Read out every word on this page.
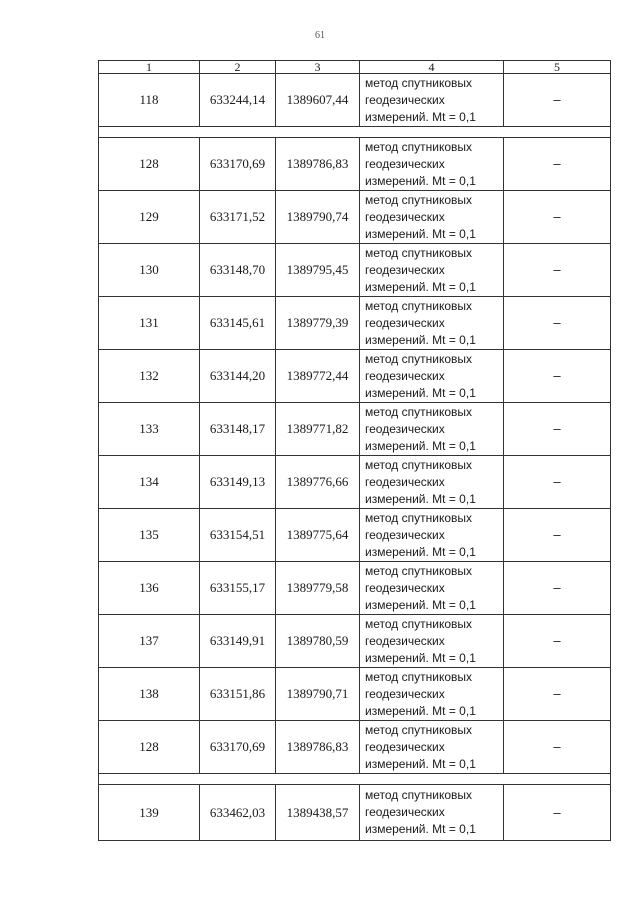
61
1	2	3	4	5
118	633244,14	1389607,44	метод спутниковых
геодезических
измерений. Mt = 0,1	–

128	633170,69	1389786,83	метод спутниковых
геодезических
измерений. Mt = 0,1	–
129	633171,52	1389790,74	метод спутниковых
геодезических
измерений. Mt = 0,1	–
130	633148,70	1389795,45	метод спутниковых
геодезических
измерений. Mt = 0,1	–
131	633145,61	1389779,39	метод спутниковых
геодезических
измерений. Mt = 0,1	–
132	633144,20	1389772,44	метод спутниковых
геодезических
измерений. Mt = 0,1	–
133	633148,17	1389771,82	метод спутниковых
геодезических
измерений. Mt = 0,1	–
134	633149,13	1389776,66	метод спутниковых
геодезических
измерений. Mt = 0,1	–
135	633154,51	1389775,64	метод спутниковых
геодезических
измерений. Mt = 0,1	–
136	633155,17	1389779,58	метод спутниковых
геодезических
измерений. Mt = 0,1	–
137	633149,91	1389780,59	метод спутниковых
геодезических
измерений. Mt = 0,1	–
138	633151,86	1389790,71	метод спутниковых
геодезических
измерений. Mt = 0,1	–
128	633170,69	1389786,83	метод спутниковых
геодезических
измерений. Mt = 0,1	–

139	633462,03	1389438,57	метод спутниковых
геодезических
измерений. Mt = 0,1	–
